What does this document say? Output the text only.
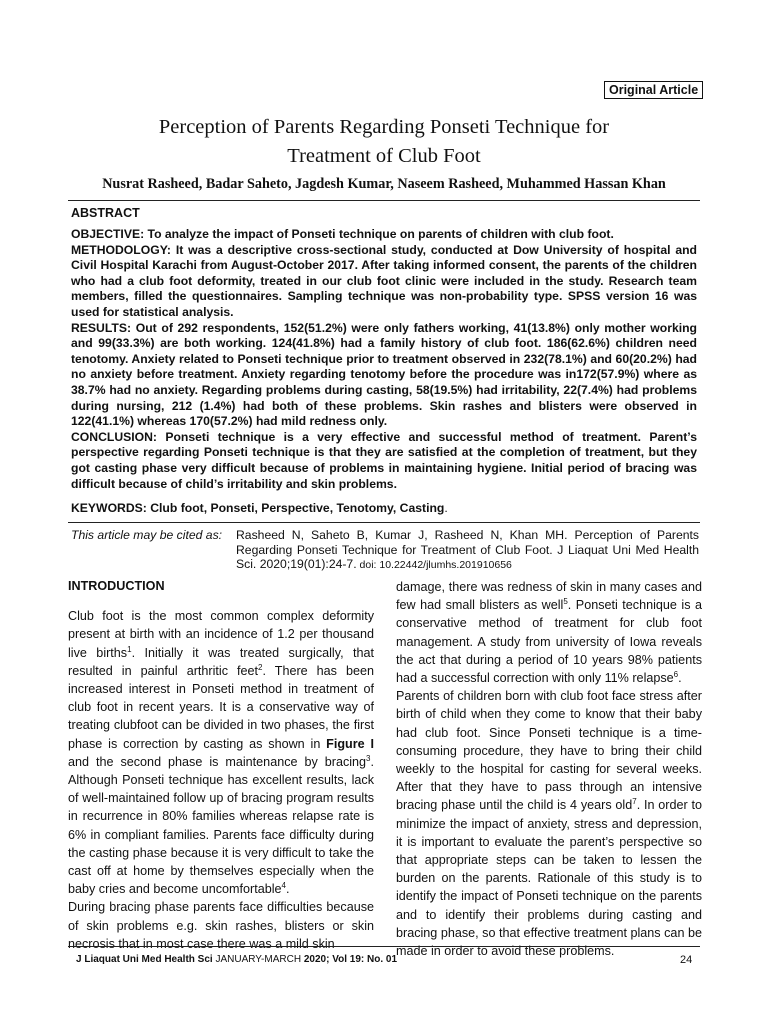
Original Article
Perception of Parents Regarding Ponseti Technique for
Treatment of Club Foot

Nusrat Rasheed, Badar Saheto, Jagdesh Kumar, Naseem Rasheed, Muhammed Hassan Khan

ABSTRACT

OBJECTIVE: To analyze the impact of Ponseti technique on parents of children with club foot.

METHODOLOGY: It was a descriptive cross-sectional study, conducted at Dow University of hospital and Civil Hospital Karachi from August-October 2017. After taking informed consent, the parents of the children who had a club foot deformity, treated in our club foot clinic were included in the study. Research team members, filled the questionnaires. Sampling technique was non-probability type. SPSS version 16 was used for statistical analysis.

RESULTS: Out of 292 respondents, 152(51.2%) were only fathers working, 41(13.8%) only mother working and 99(33.3%) are both working. 124(41.8%) had a family history of club foot. 186(62.6%) children need tenotomy. Anxiety related to Ponseti technique prior to treatment observed in 232(78.1%) and 60(20.2%) had no anxiety before treatment. Anxiety regarding tenotomy before the procedure was in172(57.9%) where as 38.7% had no anxiety. Regarding problems during casting, 58(19.5%) had irritability, 22(7.4%) had problems during nursing, 212 (1.4%) had both of these problems. Skin rashes and blisters were observed in 122(41.1%) whereas 170(57.2%) had mild redness only.

CONCLUSION: Ponseti technique is a very effective and successful method of treatment. Parent’s perspective regarding Ponseti technique is that they are satisfied at the completion of treatment, but they got casting phase very difficult because of problems in maintaining hygiene. Initial period of bracing was difficult because of child’s irritability and skin problems.

KEYWORDS: Club foot, Ponseti, Perspective, Tenotomy, Casting.
This article may be cited as: Rasheed N, Saheto B, Kumar J, Rasheed N, Khan MH. Perception of Parents Regarding Ponseti Technique for Treatment of Club Foot. J Liaquat Uni Med Health Sci. 2020;19(01):24-7. doi: 10.22442/jlumhs.201910656

INTRODUCTION

Club foot is the most common complex deformity present at birth with an incidence of 1.2 per thousand live births$^1$. Initially it was treated surgically, that resulted in painful arthritic feet$^2$. There has been increased interest in Ponseti method in treatment of club foot in recent years. It is a conservative way of treating clubfoot can be divided in two phases, the first phase is correction by casting as shown in Figure I and the second phase is maintenance by bracing$^3$. Although Ponseti technique has excellent results, lack of well-maintained follow up of bracing program results in recurrence in 80% families whereas relapse rate is 6% in compliant families. Parents face difficulty during the casting phase because it is very difficult to take the cast off at home by themselves especially when the baby cries and become uncomfortable$^4$.

During bracing phase parents face difficulties because of skin problems e.g. skin rashes, blisters or skin necrosis that in most case there was a mild skin

damage, there was redness of skin in many cases and few had small blisters as well$^5$. Ponseti technique is a conservative method of treatment for club foot management. A study from university of Iowa reveals the act that during a period of 10 years 98% patients had a successful correction with only 11% relapse$^6$.

Parents of children born with club foot face stress after birth of child when they come to know that their baby had club foot. Since Ponseti technique is a time-consuming procedure, they have to bring their child weekly to the hospital for casting for several weeks. After that they have to pass through an intensive bracing phase until the child is 4 years old$^7$. In order to minimize the impact of anxiety, stress and depression, it is important to evaluate the parent’s perspective so that appropriate steps can be taken to lessen the burden on the parents. Rationale of this study is to identify the impact of Ponseti technique on the parents and to identify their problems during casting and bracing phase, so that effective treatment plans can be made in order to avoid these problems.

J Liaquat Uni Med Health Sci JANUARY-MARCH 2020; Vol 19: No. 01	24
